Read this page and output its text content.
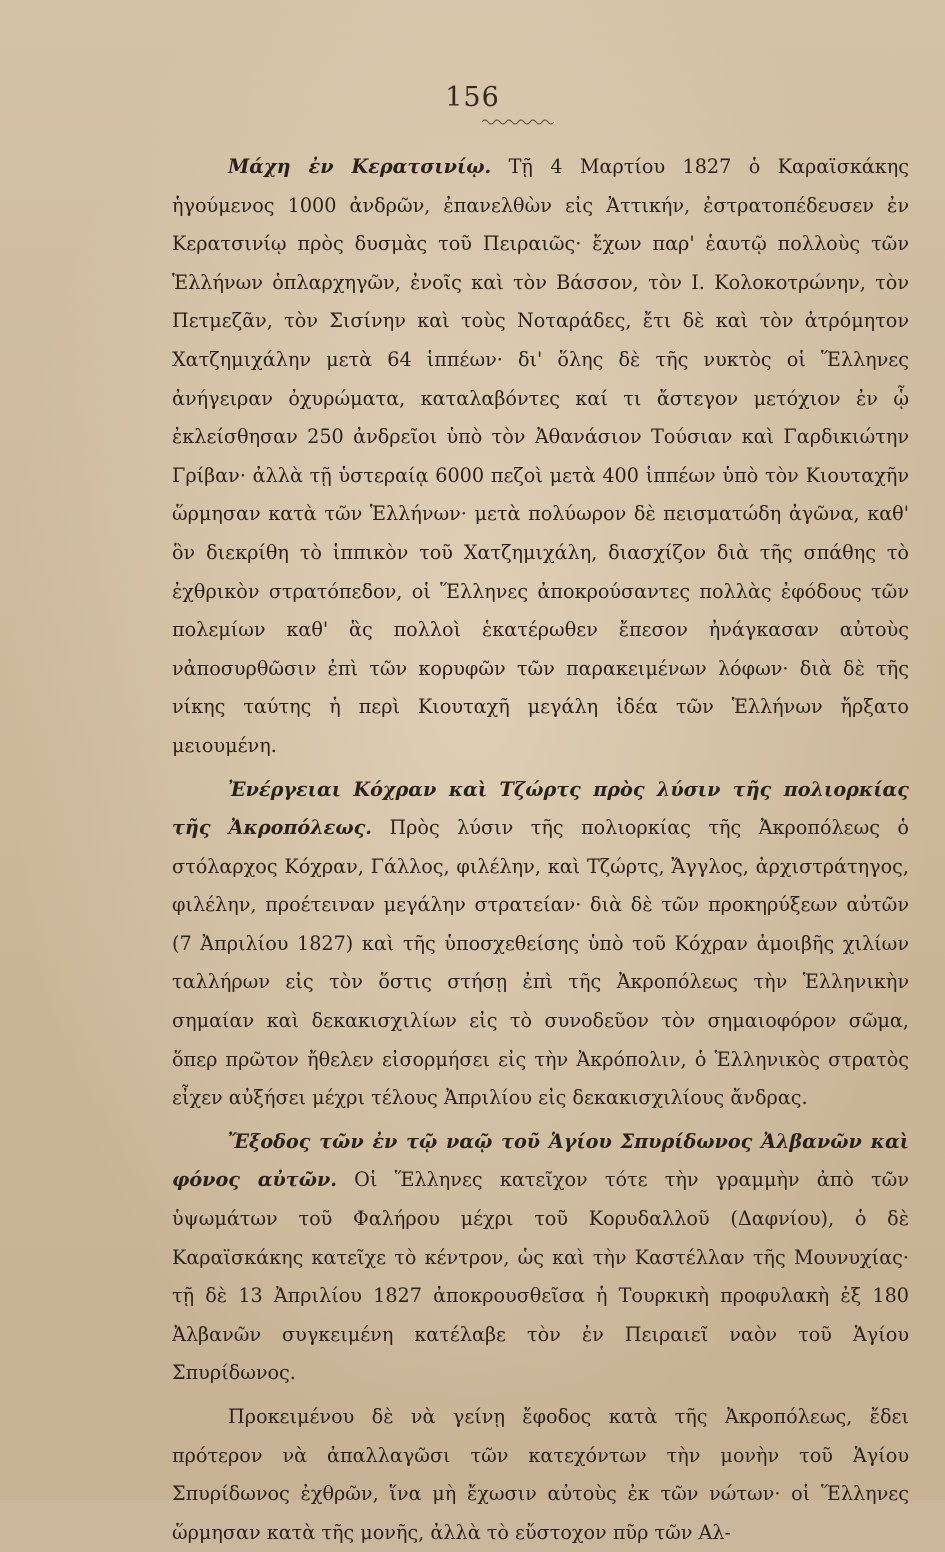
156

Μάχη ἐν Κερατσινίῳ. Τῇ 4 Μαρτίου 1827 ὁ Καραϊσκάκης ἡγούμενος 1000 ἀνδρῶν, ἐπανελθὼν εἰς Ἀττικήν, ἐστρατοπέδευσεν ἐν Κερατσινίῳ πρὸς δυσμὰς τοῦ Πειραιῶς· ἔχων παρ' ἑαυτῷ πολλοὺς τῶν Ἑλλήνων ὁπλαρχηγῶν, ἐνοῖς καὶ τὸν Βάσσον, τὸν Ι. Κολοκοτρώνην, τὸν Πετμεζᾶν, τὸν Σισίνην καὶ τοὺς Νοταράδες, ἔτι δὲ καὶ τὸν ἀτρόμητον Χατζημιχάλην μετὰ 64 ἱππέων· δι' ὅλης δὲ τῆς νυκτὸς οἱ Ἕλληνες ἀνήγειραν ὀχυρώματα, καταλαβόντες καί τι ἄστεγον μετόχιον ἐν ᾧ ἐκλείσθησαν 250 ἀνδρεῖοι ὑπὸ τὸν Ἀθανάσιον Τούσιαν καὶ Γαρδικιώτην Γρίβαν· ἀλλὰ τῇ ὑστεραίᾳ 6000 πεζοὶ μετὰ 400 ἱππέων ὑπὸ τὸν Κιουταχῆν ὥρμησαν κατὰ τῶν Ἑλλήνων· μετὰ πολύωρον δὲ πεισματώδη ἀγῶνα, καθ' ὃν διεκρίθη τὸ ἱππικὸν τοῦ Χατζημιχάλη, διασχίζον διὰ τῆς σπάθης τὸ ἐχθρικὸν στρατόπεδον, οἱ Ἕλληνες ἀποκρούσαντες πολλὰς ἐφόδους τῶν πολεμίων καθ' ἃς πολλοὶ ἑκατέρωθεν ἔπεσον ἠνάγκασαν αὐτοὺς νἀποσυρθῶσιν ἐπὶ τῶν κορυφῶν τῶν παρακειμένων λόφων· διὰ δὲ τῆς νίκης ταύτης ἡ περὶ Κιουταχῆ μεγάλη ἰδέα τῶν Ἑλλήνων ἤρξατο μειουμένη.

Ἐνέργειαι Κόχραν καὶ Τζώρτς πρὸς λύσιν τῆς πολιορκίας τῆς Ἀκροπόλεως. Πρὸς λύσιν τῆς πολιορκίας τῆς Ἀκροπόλεως ὁ στόλαρχος Κόχραν, Γάλλος, φιλέλην, καὶ Τζώρτς, Ἄγγλος, ἀρχιστράτηγος, φιλέλην, προέτειναν μεγάλην στρατείαν· διὰ δὲ τῶν προκηρύξεων αὐτῶν (7 Ἀπριλίου 1827) καὶ τῆς ὑποσχεθείσης ὑπὸ τοῦ Κόχραν ἀμοιβῆς χιλίων ταλλήρων εἰς τὸν ὅστις στήσῃ ἐπὶ τῆς Ἀκροπόλεως τὴν Ἑλληνικὴν σημαίαν καὶ δεκακισχιλίων εἰς τὸ συνοδεῦον τὸν σημαιοφόρον σῶμα, ὅπερ πρῶτον ἤθελεν εἰσορμήσει εἰς τὴν Ἀκρόπολιν, ὁ Ἑλληνικὸς στρατὸς εἶχεν αὐξήσει μέχρι τέλους Ἀπριλίου εἰς δεκακισχιλίους ἄνδρας.

Ἔξοδος τῶν ἐν τῷ ναῷ τοῦ Ἁγίου Σπυρίδωνος Ἀλβανῶν καὶ φόνος αὐτῶν. Οἱ Ἕλληνες κατεῖχον τότε τὴν γραμμὴν ἀπὸ τῶν ὑψωμάτων τοῦ Φαλήρου μέχρι τοῦ Κορυδαλλοῦ (Δαφνίου), ὁ δὲ Καραϊσκάκης κατεῖχε τὸ κέντρον, ὡς καὶ τὴν Καστέλλαν τῆς Μουνυχίας· τῇ δὲ 13 Ἀπριλίου 1827 ἀποκρουσθεῖσα ἡ Τουρκικὴ προφυλακὴ ἐξ 180 Ἀλβανῶν συγκειμένη κατέλαβε τὸν ἐν Πειραιεῖ ναὸν τοῦ Ἁγίου Σπυρίδωνος.

Προκειμένου δὲ νὰ γείνῃ ἔφοδος κατὰ τῆς Ἀκροπόλεως, ἔδει πρότερον νὰ ἀπαλλαγῶσι τῶν κατεχόντων τὴν μονὴν τοῦ Ἁγίου Σπυρίδωνος ἐχθρῶν, ἵνα μὴ ἔχωσιν αὐτοὺς ἐκ τῶν νώτων· οἱ Ἕλληνες ὥρμησαν κατὰ τῆς μονῆς, ἀλλὰ τὸ εὔστοχον πῦρ τῶν Αλ-
